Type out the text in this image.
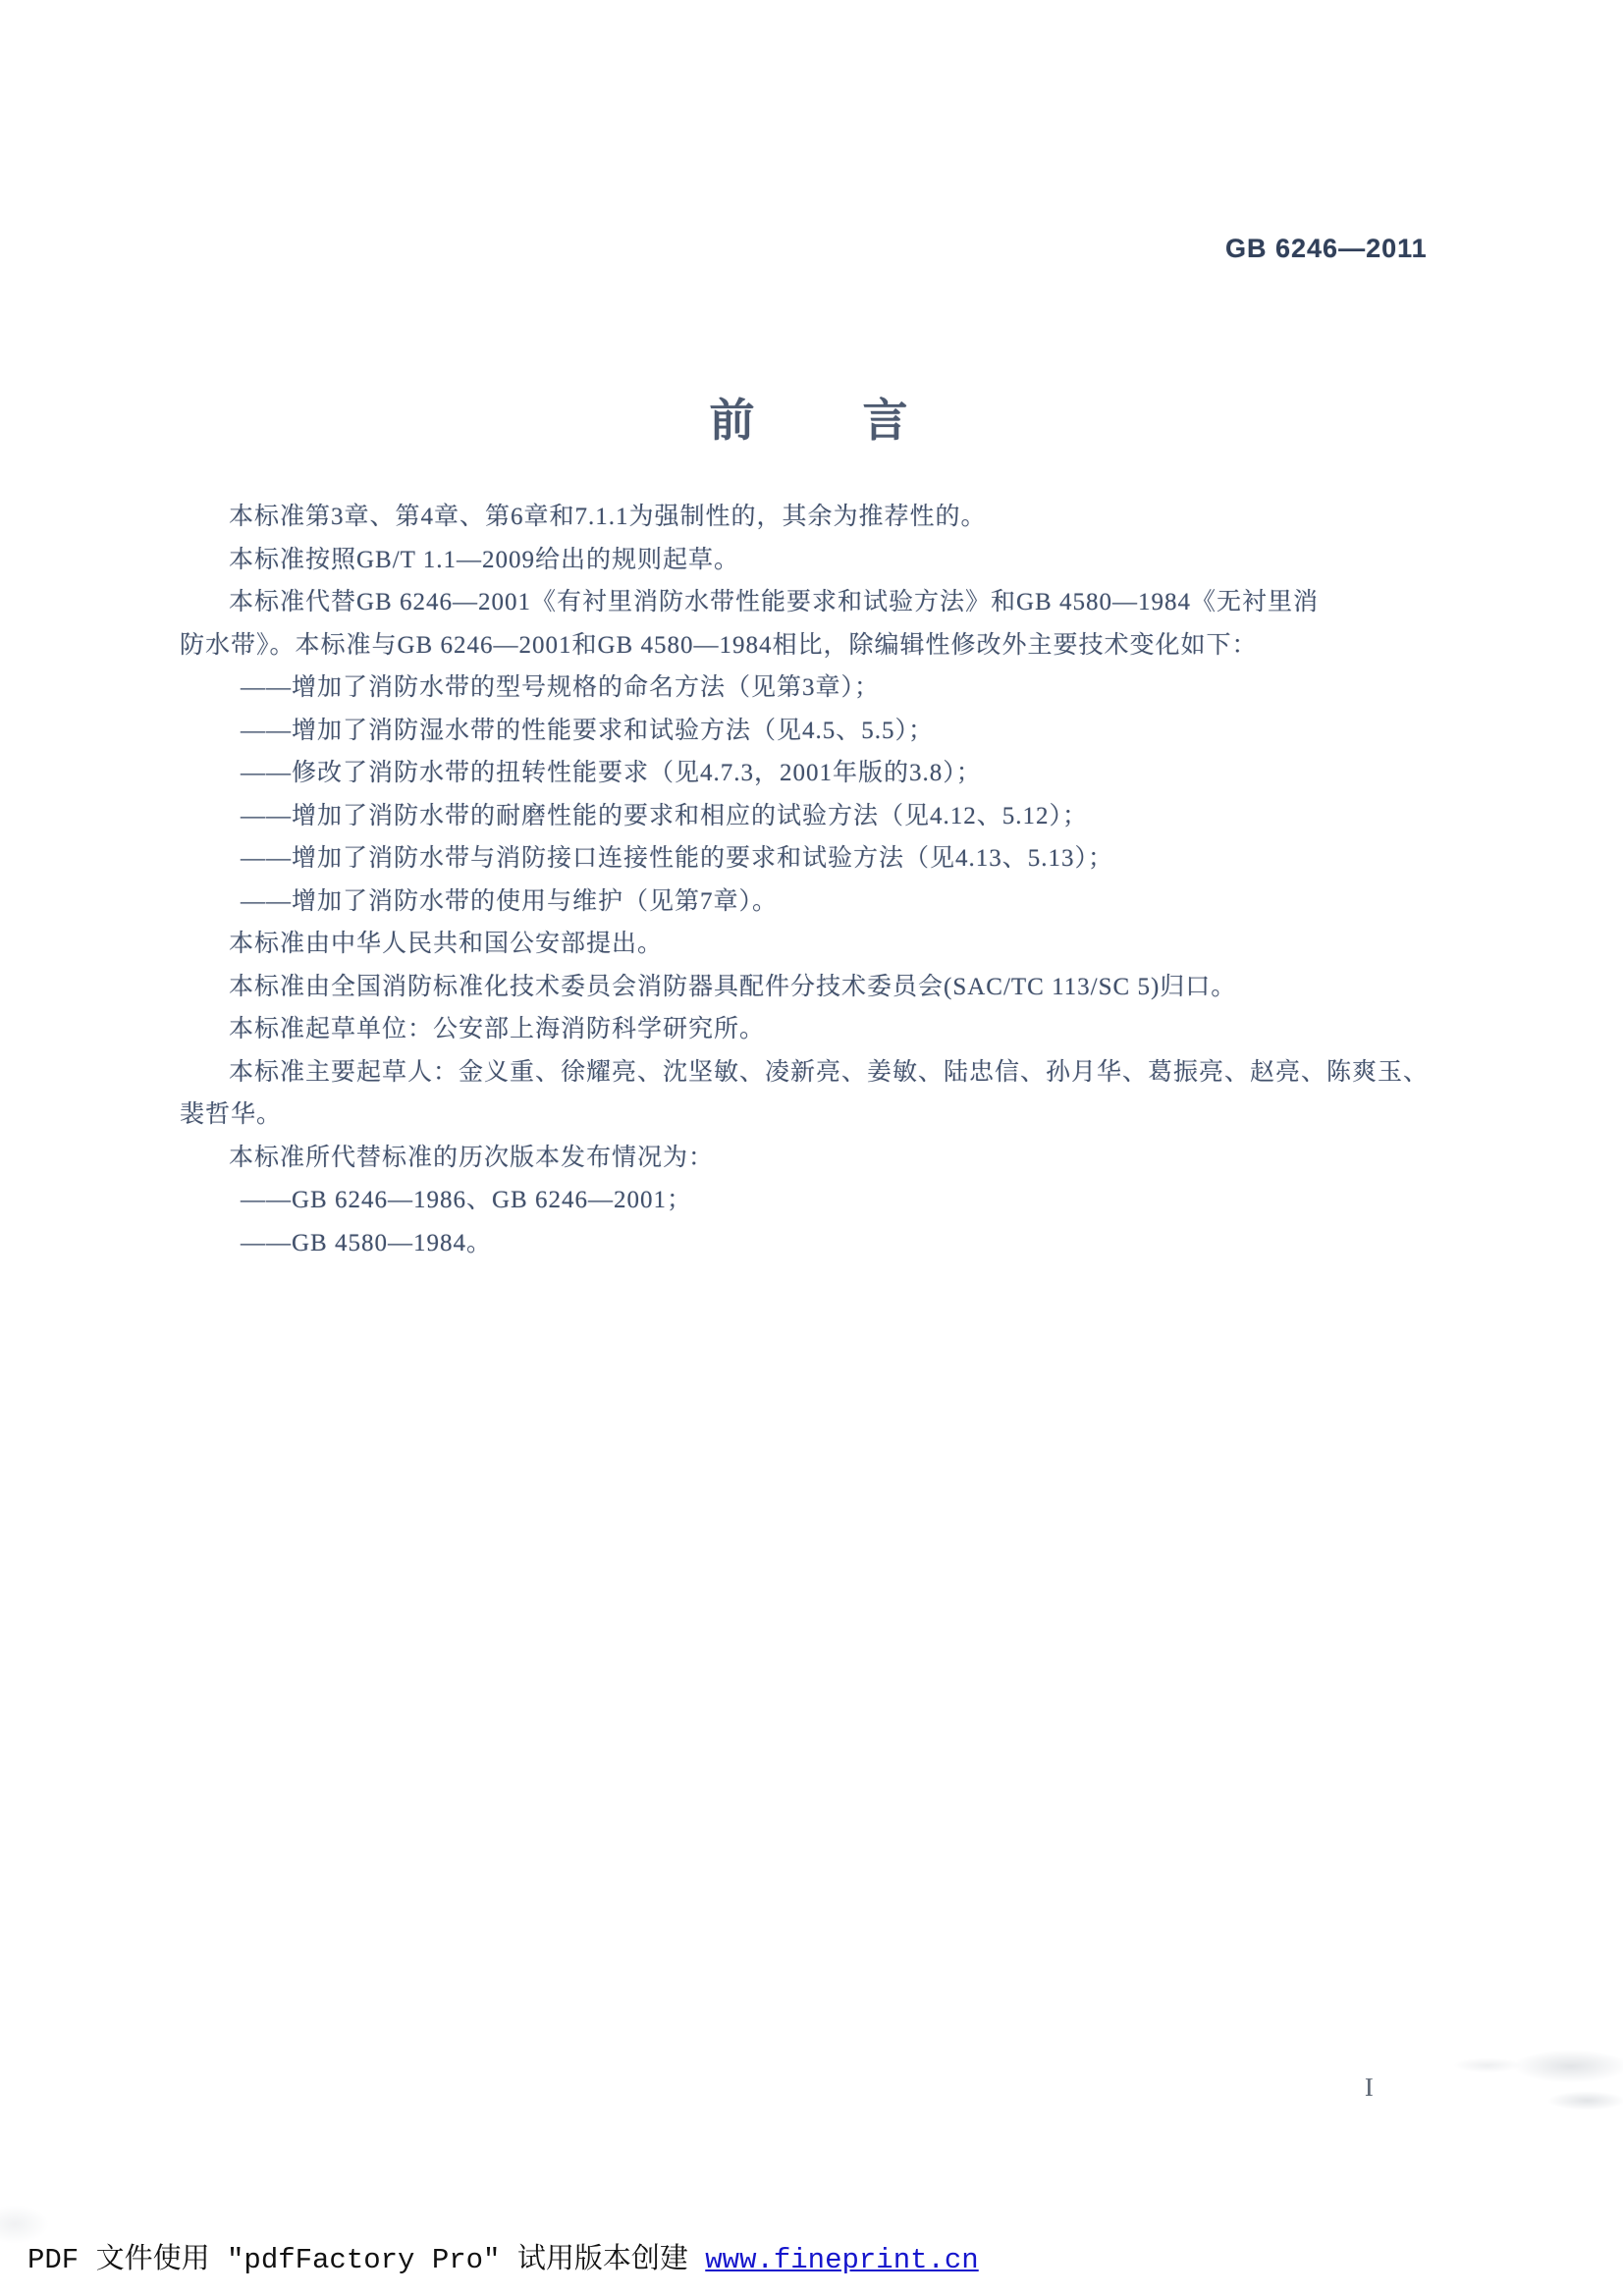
GB 6246—2011
前　　言
本标准第3章、第4章、第6章和7.1.1为强制性的，其余为推荐性的。
本标准按照GB/T 1.1—2009给出的规则起草。
本标准代替GB 6246—2001《有衬里消防水带性能要求和试验方法》和GB 4580—1984《无衬里消
防水带》。本标准与GB 6246—2001和GB 4580—1984相比，除编辑性修改外主要技术变化如下：
——增加了消防水带的型号规格的命名方法（见第3章）；
——增加了消防湿水带的性能要求和试验方法（见4.5、5.5）；
——修改了消防水带的扭转性能要求（见4.7.3，2001年版的3.8）；
——增加了消防水带的耐磨性能的要求和相应的试验方法（见4.12、5.12）；
——增加了消防水带与消防接口连接性能的要求和试验方法（见4.13、5.13）；
——增加了消防水带的使用与维护（见第7章）。
本标准由中华人民共和国公安部提出。
本标准由全国消防标准化技术委员会消防器具配件分技术委员会(SAC/TC 113/SC 5)归口。
本标准起草单位：公安部上海消防科学研究所。
本标准主要起草人：金义重、徐耀亮、沈坚敏、凌新亮、姜敏、陆忠信、孙月华、葛振亮、赵亮、陈爽玉、
裴哲华。
本标准所代替标准的历次版本发布情况为：
——GB 6246—1986、GB 6246—2001；
——GB 4580—1984。
I
PDF 文件使用 ″pdfFactory Pro″ 试用版本创建 www.fineprint.cn
